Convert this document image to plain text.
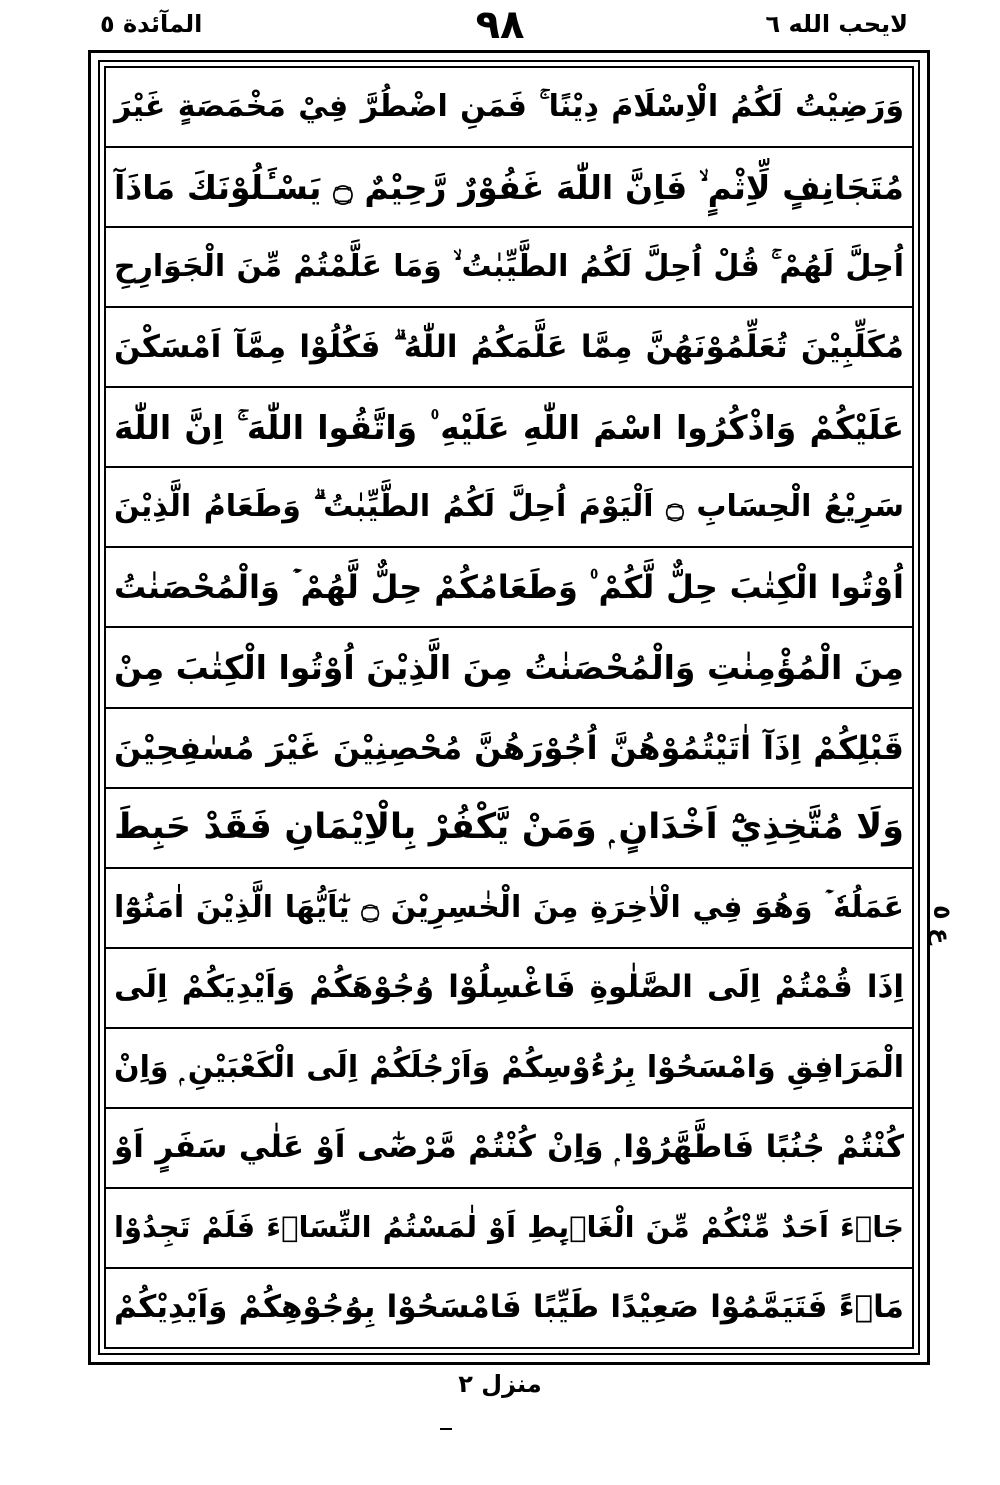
لايحب الله ٦
٩٨
المآئدة ٥
وَرَضِيْتُ لَكُمُ الْاِسْلَامَ دِيْنًا ۚ فَمَنِ اضْطُرَّ فِيْ مَخْمَصَةٍ غَيْرَ
مُتَجَانِفٍ لِّاِثْمٍ ۙ فَاِنَّ اللّٰهَ غَفُوْرٌ رَّحِيْمٌ ۝ يَسْـَٔلُوْنَكَ مَاذَآ
اُحِلَّ لَهُمْ ۚ قُلْ اُحِلَّ لَكُمُ الطَّيِّبٰتُ ۙ وَمَا عَلَّمْتُمْ مِّنَ الْجَوَارِحِ
مُكَلِّبِيْنَ تُعَلِّمُوْنَهُنَّ مِمَّا عَلَّمَكُمُ اللّٰهُ ۗ فَكُلُوْا مِمَّآ اَمْسَكْنَ
عَلَيْكُمْ وَاذْكُرُوا اسْمَ اللّٰهِ عَلَيْهِ ۠ وَاتَّقُوا اللّٰهَ ۚ اِنَّ اللّٰهَ
سَرِيْعُ الْحِسَابِ ۝ اَلْيَوْمَ اُحِلَّ لَكُمُ الطَّيِّبٰتُ ۗ وَطَعَامُ الَّذِيْنَ
اُوْتُوا الْكِتٰبَ حِلٌّ لَّكُمْ ۠ وَطَعَامُكُمْ حِلٌّ لَّهُمْ ۡ وَالْمُحْصَنٰتُ
مِنَ الْمُؤْمِنٰتِ وَالْمُحْصَنٰتُ مِنَ الَّذِيْنَ اُوْتُوا الْكِتٰبَ مِنْ
قَبْلِكُمْ اِذَآ اٰتَيْتُمُوْهُنَّ اُجُوْرَهُنَّ مُحْصِنِيْنَ غَيْرَ مُسٰفِحِيْنَ
وَلَا مُتَّخِذِيْٓ اَخْدَانٍ ۭ وَمَنْ يَّكْفُرْ بِالْاِيْمَانِ فَقَدْ حَبِطَ
عَمَلُهٗ ۡ وَهُوَ فِي الْاٰخِرَةِ مِنَ الْخٰسِرِيْنَ ۝ يٰٓاَيُّهَا الَّذِيْنَ اٰمَنُوْٓا
اِذَا قُمْتُمْ اِلَى الصَّلٰوةِ فَاغْسِلُوْا وُجُوْهَكُمْ وَاَيْدِيَكُمْ اِلَى
الْمَرَافِقِ وَامْسَحُوْا بِرُءُوْسِكُمْ وَاَرْجُلَكُمْ اِلَى الْكَعْبَيْنِ ۭ وَاِنْ
كُنْتُمْ جُنُبًا فَاطَّهَّرُوْا ۭ وَاِنْ كُنْتُمْ مَّرْضٰٓى اَوْ عَلٰي سَفَرٍ اَوْ
جَاۗءَ اَحَدٌ مِّنْكُمْ مِّنَ الْغَاۗىِٕطِ اَوْ لٰمَسْتُمُ النِّسَاۗءَ فَلَمْ تَجِدُوْا
مَاۗءً فَتَيَمَّمُوْا صَعِيْدًا طَيِّبًا فَامْسَحُوْا بِوُجُوْهِكُمْ وَاَيْدِيْكُمْ
ع ٥
منزل ٢
